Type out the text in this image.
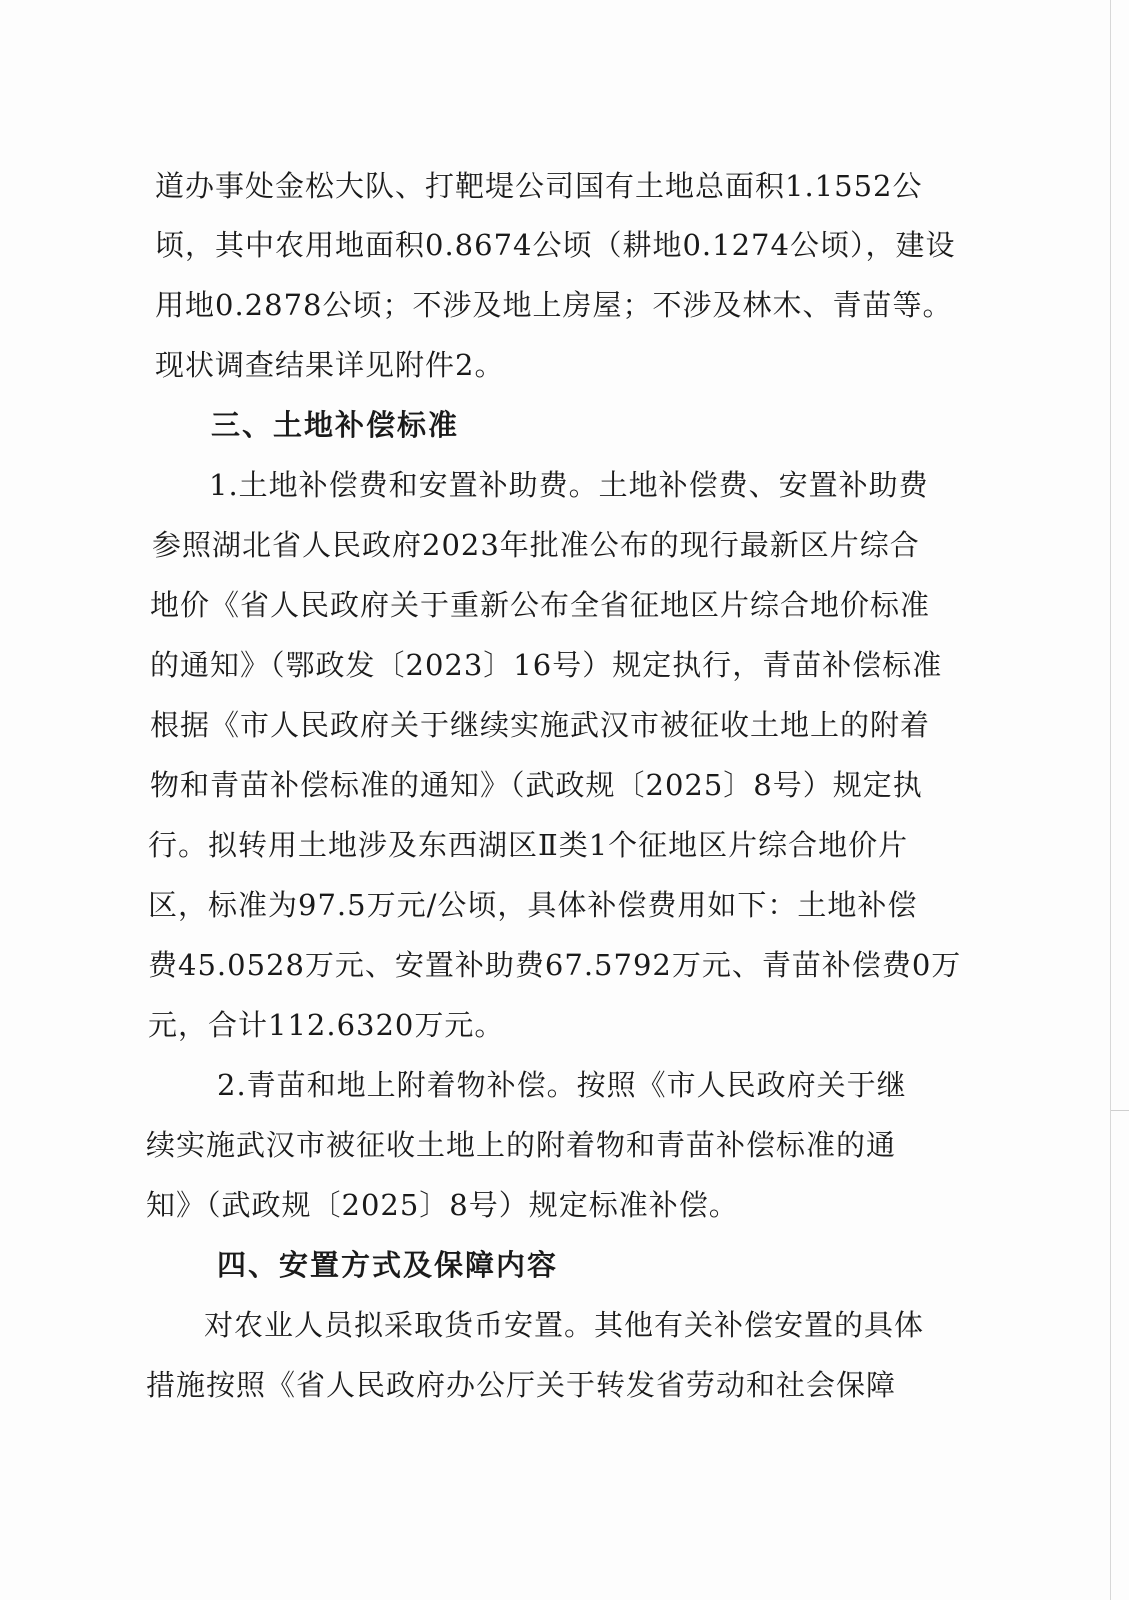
道办事处金松大队、打靶堤公司国有土地总面积1.1552公
顷，其中农用地面积0.8674公顷（耕地0.1274公顷），建设
用地0.2878公顷；不涉及地上房屋；不涉及林木、青苗等。
现状调查结果详见附件2。
三、土地补偿标准
1.土地补偿费和安置补助费。土地补偿费、安置补助费
参照湖北省人民政府2023年批准公布的现行最新区片综合
地价《省人民政府关于重新公布全省征地区片综合地价标准
的通知》（鄂政发〔2023〕16号）规定执行，青苗补偿标准
根据《市人民政府关于继续实施武汉市被征收土地上的附着
物和青苗补偿标准的通知》（武政规〔2025〕8号）规定执
行。拟转用土地涉及东西湖区Ⅱ类1个征地区片综合地价片
区，标准为97.5万元/公顷，具体补偿费用如下：土地补偿
费45.0528万元、安置补助费67.5792万元、青苗补偿费0万
元，合计112.6320万元。
2.青苗和地上附着物补偿。按照《市人民政府关于继
续实施武汉市被征收土地上的附着物和青苗补偿标准的通
知》（武政规〔2025〕8号）规定标准补偿。
四、安置方式及保障内容
对农业人员拟采取货币安置。其他有关补偿安置的具体
措施按照《省人民政府办公厅关于转发省劳动和社会保障
